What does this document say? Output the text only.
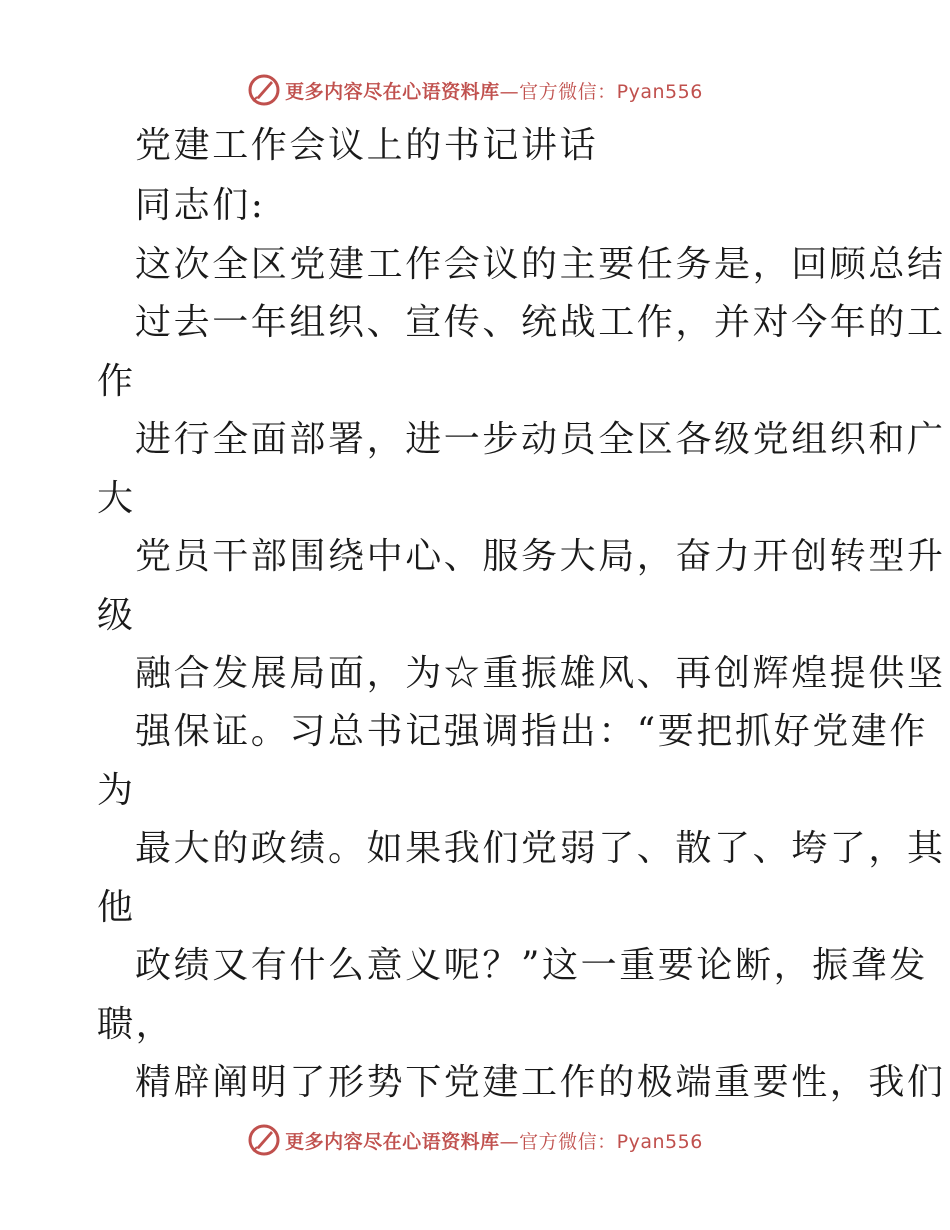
更多内容尽在心语资料库—官方微信：Pyan556
党建工作会议上的书记讲话
同志们:
这次全区党建工作会议的主要任务是，回顾总结
过去一年组织、宣传、统战工作，并对今年的工
作
进行全面部署，进一步动员全区各级党组织和广
大
党员干部围绕中心、服务大局，奋力开创转型升
级
融合发展局面，为☆重振雄风、再创辉煌提供坚
强保证。习总书记强调指出：“要把抓好党建作
为
最大的政绩。如果我们党弱了、散了、垮了，其
他
政绩又有什么意义呢？”这一重要论断，振聋发
聩，
精辟阐明了形势下党建工作的极端重要性，我们
更多内容尽在心语资料库—官方微信：Pyan556
